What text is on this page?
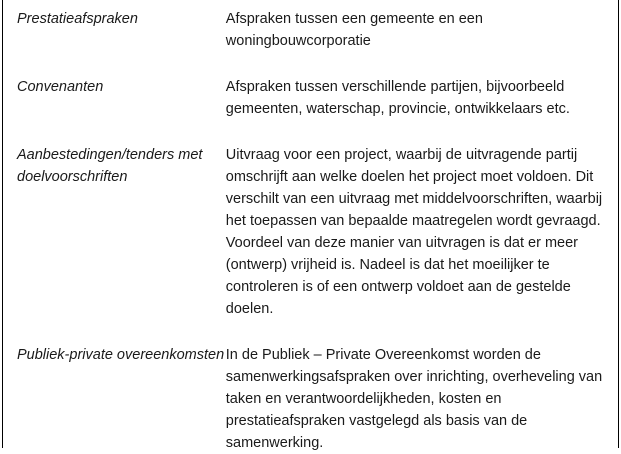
Prestatieafspraken	Afspraken tussen een gemeente en een woningbouwcorporatie

Convenanten	Afspraken tussen verschillende partijen, bijvoorbeeld gemeenten, waterschap, provincie, ontwikkelaars etc.

Aanbestedingen/tenders met doelvoorschriften	Uitvraag voor een project, waarbij de uitvragende partij omschrijft aan welke doelen het project moet voldoen. Dit verschilt van een uitvraag met middelvoorschriften, waarbij het toepassen van bepaalde maatregelen wordt gevraagd. Voordeel van deze manier van uitvragen is dat er meer (ontwerp) vrijheid is. Nadeel is dat het moeilijker te controleren is of een ontwerp voldoet aan de gestelde doelen.

Publiek-private overeenkomsten	In de Publiek – Private Overeenkomst worden de samenwerkingsafspraken over inrichting, overheveling van taken en verantwoordelijkheden, kosten en prestatieafspraken vastgelegd als basis van de samenwerking.
